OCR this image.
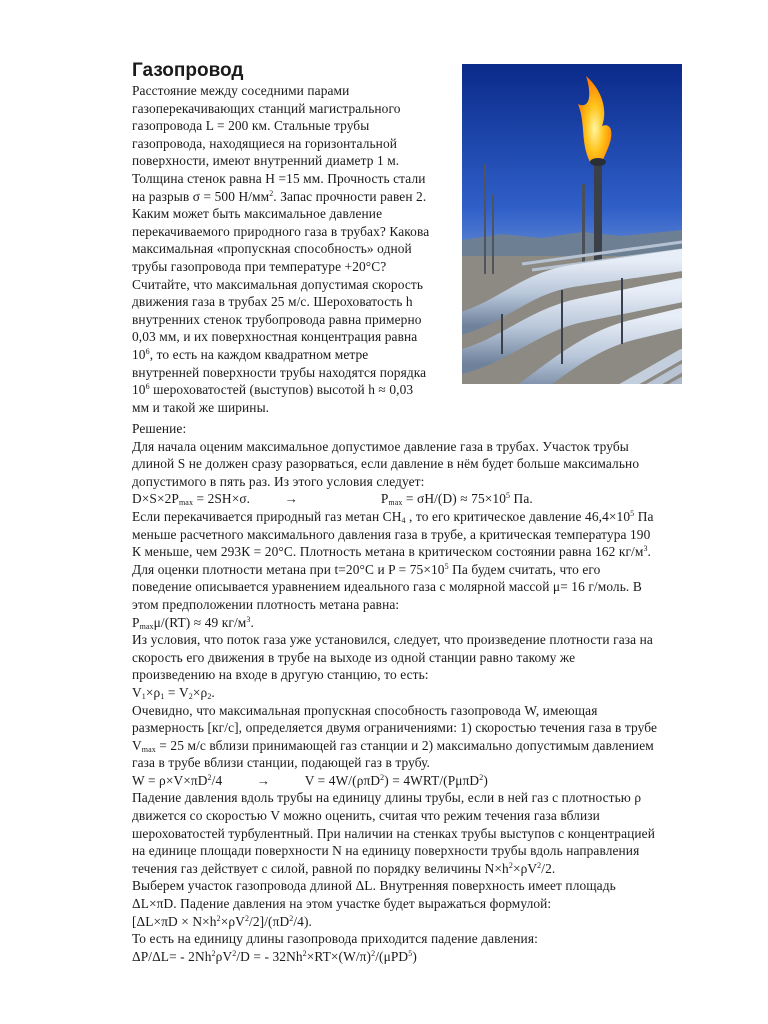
Газопровод
Расстояние между соседними парами
газоперекачивающих станций магистрального
газопровода L = 200 км. Стальные трубы
газопровода, находящиеся на горизонтальной
поверхности, имеют внутренний диаметр 1 м.
Толщина стенок равна H =15 мм. Прочность стали
на разрыв σ = 500 $Н/мм^2$. Запас прочности равен 2.
Каким может быть максимальное давление
перекачиваемого природного газа в трубах? Какова
максимальная «пропускная способность» одной
трубы газопровода при температуре +20°С?
Считайте, что максимальная допустимая скорость
движения газа в трубах 25 м/с. Шероховатость h
внутренних стенок трубопровода равна примерно
0,03 мм, и их поверхностная концентрация равна
$10^6$, то есть на каждом квадратном метре
внутренней поверхности трубы находятся порядка
$10^6$ шероховатостей (выступов) высотой h ≈ 0,03
мм и такой же ширины.
Решение:
Для начала оценим максимальное допустимое давление газа в трубах. Участок трубы
длиной S не должен сразу разорваться, если давление в нём будет больше максимально
допустимого в пять раз. Из этого условия следует:
$D\times S\times 2P_{max} = 2SH\times\sigma$.          →                        $P_{max} = \sigma H/(D) \approx 75\times 10^5$ Па.
Если перекачивается природный газ метан $CH_4$ , то его критическое давление $46,4\times 10^5$ Па
меньше расчетного максимального давления газа в трубе, а критическая температура 190
К меньше, чем 293К = 20°С. Плотность метана в критическом состоянии равна 162 $кг/м^3$.
Для оценки плотности метана при t=20°С и $P = 75\times 10^5$ Па будем считать, что его
поведение описывается уравнением идеального газа с молярной массой μ= 16 г/моль. В
этом предположении плотность метана равна:
$P_{max}\mu/(RT) \approx 49$ $кг/м^3$.
Из условия, что поток газа уже установился, следует, что произведение плотности газа на
скорость его движения в трубе на выходе из одной станции равно такому же
произведению на входе в другую станцию, то есть:
$V_1\times\rho_1 = V_2\times\rho_2$.
Очевидно, что максимальная пропускная способность газопровода W, имеющая
размерность [кг/с], определяется двумя ограничениями: 1) скоростью течения газа в трубе
$V_{max} = 25$ м/с вблизи принимающей газ станции и 2) максимально допустимым давлением
газа в трубе вблизи станции, подающей газ в трубу.
$W = \rho\times V\times\pi D^2/4$          →          V = 4W/(ρπD$^2$) = 4WRT/(PμπD$^2$)
Падение давления вдоль трубы на единицу длины трубы, если в ней газ с плотностью ρ
движется со скоростью V можно оценить, считая что режим течения газа вблизи
шероховатостей турбулентный. При наличии на стенках трубы выступов с концентрацией
на единице площади поверхности N на единицу поверхности трубы вдоль направления
течения газ действует с силой, равной по порядку величины $N\times h^2\times\rho V^2/2$.
Выберем участок газопровода длиной ΔL. Внутренняя поверхность имеет площадь
ΔL×πD. Падение давления на этом участке будет выражаться формулой:
$[\Delta L\times\pi D \times N\times h^2\times\rho V^2/2]/(\pi D^2/4)$.
То есть на единицу длины газопровода приходится падение давления:
$\Delta P/\Delta L= - 2Nh^2\rho V^2/D$ = - $32Nh^2\times RT\times(W/\pi)^2/(\mu PD^5)$
